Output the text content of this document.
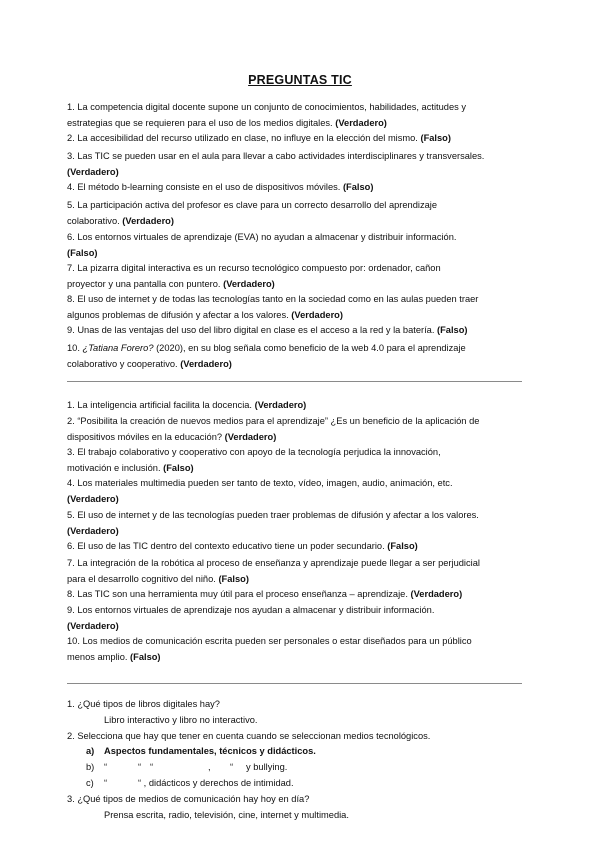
PREGUNTAS TIC
1. La competencia digital docente supone un conjunto de conocimientos, habilidades, actitudes y
estrategias que se requieren para el uso de los medios digitales. (Verdadero)
2. La accesibilidad del recurso utilizado en clase, no influye en la elección del mismo. (Falso)
3. Las TIC se pueden usar en el aula para llevar a cabo actividades interdisciplinares y transversales.
(Verdadero)
4. El método b-learning consiste en el uso de dispositivos móviles. (Falso)
5. La participación activa del profesor es clave para un correcto desarrollo del aprendizaje
colaborativo. (Verdadero)
6. Los entornos virtuales de aprendizaje (EVA) no ayudan a almacenar y distribuir información.
(Falso)
7. La pizarra digital interactiva es un recurso tecnológico compuesto por: ordenador, cañon
proyector y una pantalla con puntero. (Verdadero)
8. El uso de internet y de todas las tecnologías tanto en la sociedad como en las aulas pueden traer
algunos problemas de difusión y afectar a los valores. (Verdadero)
9. Unas de las ventajas del uso del libro digital en clase es el acceso a la red y la batería. (Falso)
10. ¿Tatiana Forero? (2020), en su blog señala como beneficio de la web 4.0 para el aprendizaje
colaborativo y cooperativo. (Verdadero)
1. La inteligencia artificial facilita la docencia. (Verdadero)
2. “Posibilita la creación de nuevos medios para el aprendizaje” ¿Es un beneficio de la aplicación de
dispositivos móviles en la educación? (Verdadero)
3. El trabajo colaborativo y cooperativo con apoyo de la tecnología perjudica la innovación,
motivación e inclusión. (Falso)
4. Los materiales multimedia pueden ser tanto de texto, vídeo, imagen, audio, animación, etc.
(Verdadero)
5. El uso de internet y de las tecnologías pueden traer problemas de difusión y afectar a los valores.
(Verdadero)
6. El uso de las TIC dentro del contexto educativo tiene un poder secundario. (Falso)
7. La integración de la robótica al proceso de enseñanza y aprendizaje puede llegar a ser perjudicial
para el desarrollo cognitivo del niño. (Falso)
8. Las TIC son una herramienta muy útil para el proceso enseñanza – aprendizaje. (Verdadero)
9. Los entornos virtuales de aprendizaje nos ayudan a almacenar y distribuir información.
(Verdadero)
10. Los medios de comunicación escrita pueden ser personales o estar diseñados para un público
menos amplio. (Falso)
1. ¿Qué tipos de libros digitales hay?
Libro interactivo y libro no interactivo.
2. Selecciona que hay que tener en cuenta cuando se seleccionan medios tecnológicos.
a) Aspectos fundamentales, técnicos y didácticos.
b) “	“ “	, “ y bullying.
c) “	“ , didácticos y derechos de intimidad.
3. ¿Qué tipos de medios de comunicación hay hoy en día?
Prensa escrita, radio, televisión, cine, internet y multimedia.
